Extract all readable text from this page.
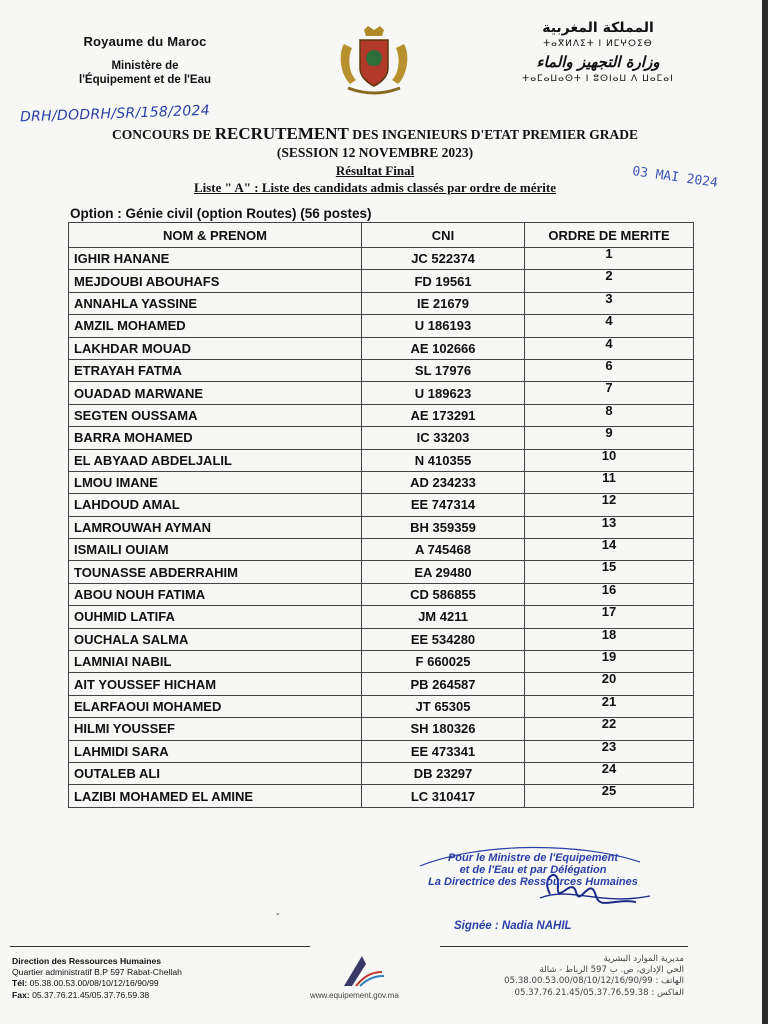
Royaume du Maroc
Ministère de
l'Équipement et de l'Eau
المملكة المغربية
ⵜⴰⴳⵍⴷⵉⵜ ⵏ ⵍⵎⵖⵔⵉⴱ
وزارة التجهيز والماء
ⵜⴰⵎⴰⵡⴰⵙⵜ ⵏ ⵓⵙⵏⴰⵡ ⴷ ⵡⴰⵎⴰⵏ
DRH/DODRH/SR/158/2024
CONCOURS DE RECRUTEMENT DES INGENIEURS D'ETAT PREMIER GRADE
(SESSION 12 NOVEMBRE 2023)
Résultat Final
Liste " A" : Liste des candidats admis classés par ordre de mérite	03 MAI 2024
Option : Génie civil (option Routes) (56 postes)
NOM & PRENOM	CNI	ORDRE DE MERITE
IGHIR HANANE	JC 522374	1
MEJDOUBI ABOUHAFS	FD 19561	2
ANNAHLA YASSINE	IE 21679	3
AMZIL MOHAMED	U 186193	4
LAKHDAR MOUAD	AE 102666	4
ETRAYAH FATMA	SL 17976	6
OUADAD MARWANE	U 189623	7
SEGTEN OUSSAMA	AE 173291	8
BARRA MOHAMED	IC 33203	9
EL ABYAAD ABDELJALIL	N 410355	10
LMOU IMANE	AD 234233	11
LAHDOUD AMAL	EE 747314	12
LAMROUWAH AYMAN	BH 359359	13
ISMAILI OUIAM	A 745468	14
TOUNASSE ABDERRAHIM	EA 29480	15
ABOU NOUH FATIMA	CD 586855	16
OUHMID LATIFA	JM 4211	17
OUCHALA SALMA	EE 534280	18
LAMNIAI NABIL	F 660025	19
AIT YOUSSEF HICHAM	PB 264587	20
ELARFAOUI MOHAMED	JT 65305	21
HILMI YOUSSEF	SH 180326	22
LAHMIDI SARA	EE 473341	23
OUTALEB ALI	DB 23297	24
LAZIBI MOHAMED EL AMINE	LC 310417	25
Pour le Ministre de l'Equipement
et de l'Eau et par Délégation
La Directrice des Ressources Humaines
Signée : Nadia NAHIL
-
Direction des Ressources Humaines
Quartier administratif B.P 597 Rabat-Chellah
Tél: 05.38.00.53.00/08/10/12/16/90/99
Fax: 05.37.76.21.45/05.37.76.59.38	www.equipement.gov.ma
مديرية الموارد البشرية
الحي الإداري، ص. ب 597 الرباط - شالة
الهاتف : 05.38.00.53.00/08/10/12/16/90/99
الفاكس : 05.37.76.21.45/05.37.76.59.38
